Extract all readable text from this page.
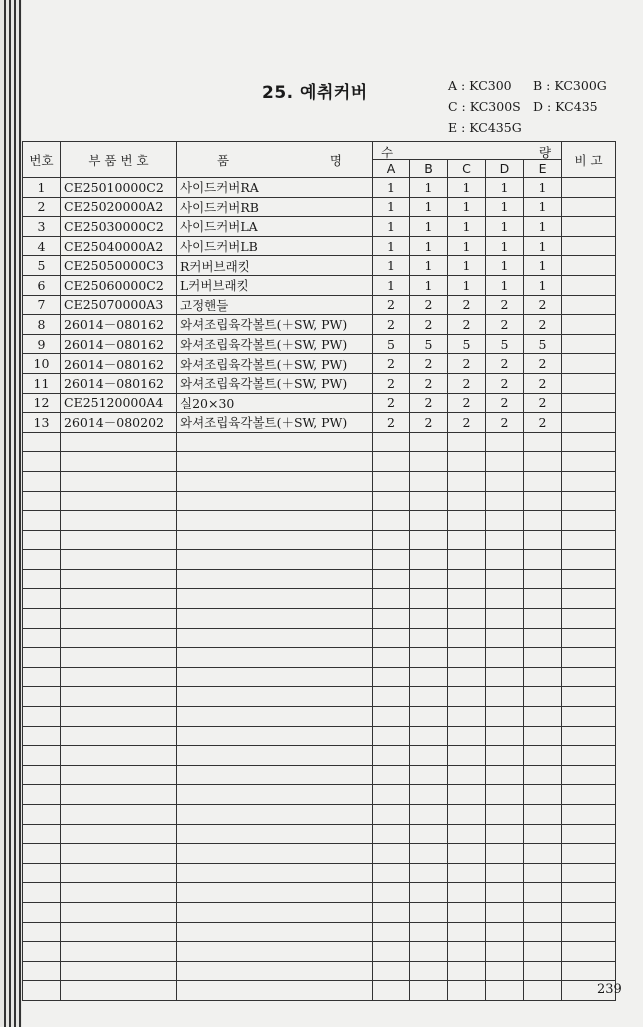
25. 예취커버	A : KC300 B : KC300G
C : KC300S D : KC435
E : KC435G
번호	부 품 번 호	품 명	수 량					비 고
			A	B	C	D	E	
1	CE25010000C2	사이드커버RA	1	1	1	1	1	
2	CE25020000A2	사이드커버RB	1	1	1	1	1	
3	CE25030000C2	사이드커버LA	1	1	1	1	1	
4	CE25040000A2	사이드커버LB	1	1	1	1	1	
5	CE25050000C3	R커버브래킷	1	1	1	1	1	
6	CE25060000C2	L커버브래킷	1	1	1	1	1	
7	CE25070000A3	고정핸들	2	2	2	2	2	
8	26014－080162	와셔조립육각볼트(＋SW, PW)	2	2	2	2	2	
9	26014－080162	와셔조립육각볼트(＋SW, PW)	5	5	5	5	5	
10	26014－080162	와셔조립육각볼트(＋SW, PW)	2	2	2	2	2	
11	26014－080162	와셔조립육각볼트(＋SW, PW)	2	2	2	2	2	
12	CE25120000A4	실20×30	2	2	2	2	2	
13	26014－080202	와셔조립육각볼트(＋SW, PW)	2	2	2	2	2	

239
